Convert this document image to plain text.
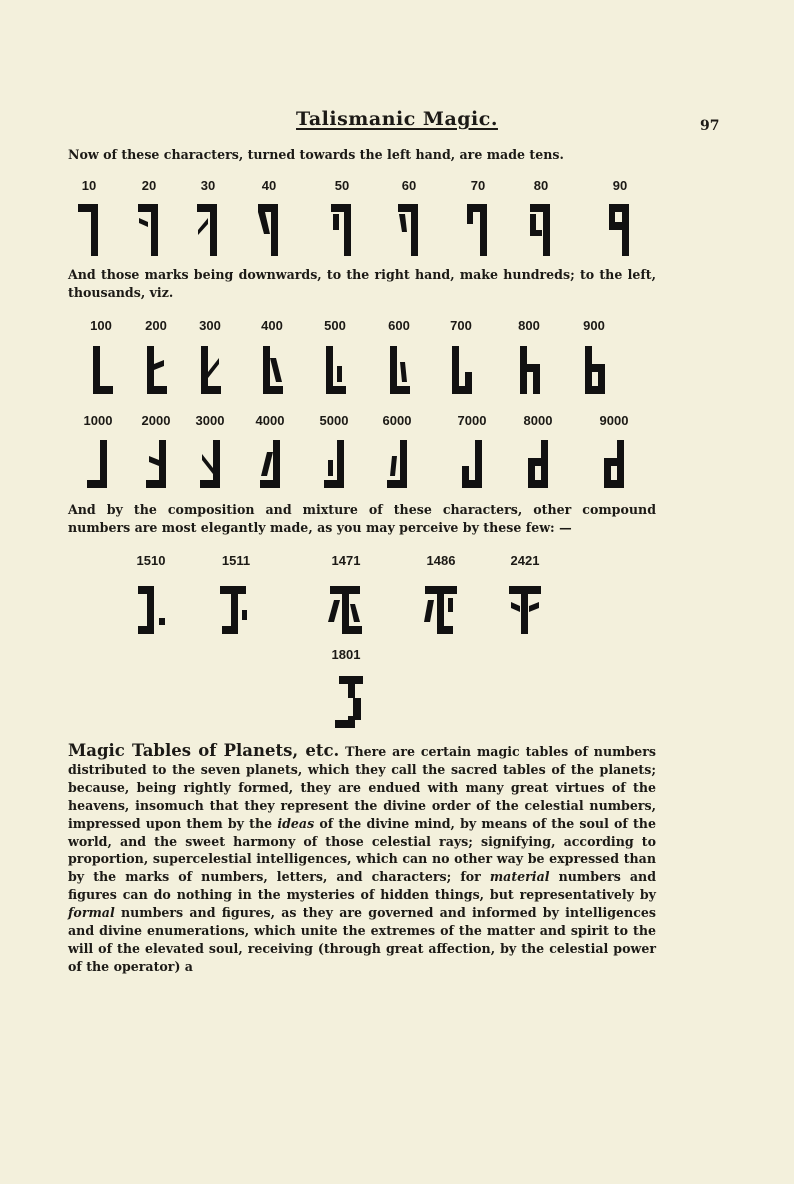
Talismanic Magic.	97
Now of these characters, turned towards the left hand, are made tens.
10	20	30	40	50	60	70	80	90
And those marks being downwards, to the right hand, make hundreds; to the left, thousands, viz.
100	200 300	400	500	600	700	800	900
1000 2000 3000 4000	5000	6000	7000	8000	9000
And by the composition and mixture of these characters, other compound numbers are most elegantly made, as you may perceive by these few: —
1510	1511	1471	1486	2421
1801
Magic Tables of Planets, etc. There are certain magic tables of numbers distributed to the seven planets, which they call the sacred tables of the planets; because, being rightly formed, they are endued with many great virtues of the heavens, insomuch that they represent the divine order of the celestial numbers, impressed upon them by the ideas of the divine mind, by means of the soul of the world, and the sweet harmony of those celestial rays; signifying, according to proportion, supercelestial intelligences, which can no other way be expressed than by the marks of numbers, letters, and characters; for material numbers and figures can do nothing in the mysteries of hidden things, but representatively by formal numbers and figures, as they are governed and informed by intelligences and divine enumerations, which unite the extremes of the matter and spirit to the will of the elevated soul, receiving (through great affection, by the celestial power of the operator) a
